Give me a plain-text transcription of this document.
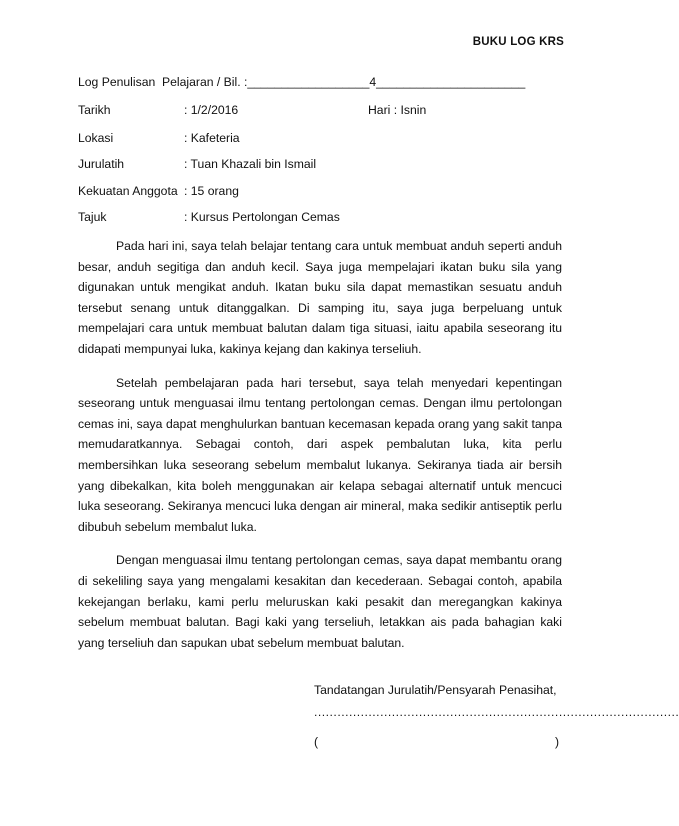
BUKU LOG KRS
Log Penulisan  Pelajaran / Bil. :__________________4______________________
Tarikh	: 1/2/2016	Hari : Isnin
Lokasi	: Kafeteria
Jurulatih	: Tuan Khazali bin Ismail
Kekuatan Anggota : 15 orang
Tajuk	: Kursus Pertolongan Cemas

Pada hari ini, saya telah belajar tentang cara untuk membuat anduh seperti anduh besar, anduh segitiga dan anduh kecil. Saya juga mempelajari ikatan buku sila yang digunakan untuk mengikat anduh. Ikatan buku sila dapat memastikan sesuatu anduh tersebut senang untuk ditanggalkan. Di samping itu, saya juga berpeluang untuk mempelajari cara untuk membuat balutan dalam tiga situasi, iaitu apabila seseorang itu didapati mempunyai luka, kakinya kejang dan kakinya terseliuh.

Setelah pembelajaran pada hari tersebut, saya telah menyedari kepentingan seseorang untuk menguasai ilmu tentang pertolongan cemas. Dengan ilmu pertolongan cemas ini, saya dapat menghulurkan bantuan kecemasan kepada orang yang sakit tanpa memudaratkannya. Sebagai contoh, dari aspek pembalutan luka, kita perlu membersihkan luka seseorang sebelum membalut lukanya. Sekiranya tiada air bersih yang dibekalkan, kita boleh menggunakan air kelapa sebagai alternatif untuk mencuci luka seseorang. Sekiranya mencuci luka dengan air mineral, maka sedikir antiseptik perlu dibubuh sebelum membalut luka.

Dengan menguasai ilmu tentang pertolongan cemas, saya dapat membantu orang di sekeliling saya yang mengalami kesakitan dan kecederaan. Sebagai contoh, apabila kekejangan berlaku, kami perlu meluruskan kaki pesakit dan meregangkan kakinya sebelum membuat balutan. Bagi kaki yang terseliuh, letakkan ais pada bahagian kaki yang terseliuh dan sapukan ubat sebelum membuat balutan.

Tandatangan Jurulatih/Pensyarah Penasihat,
..............................................................................................
(	)
